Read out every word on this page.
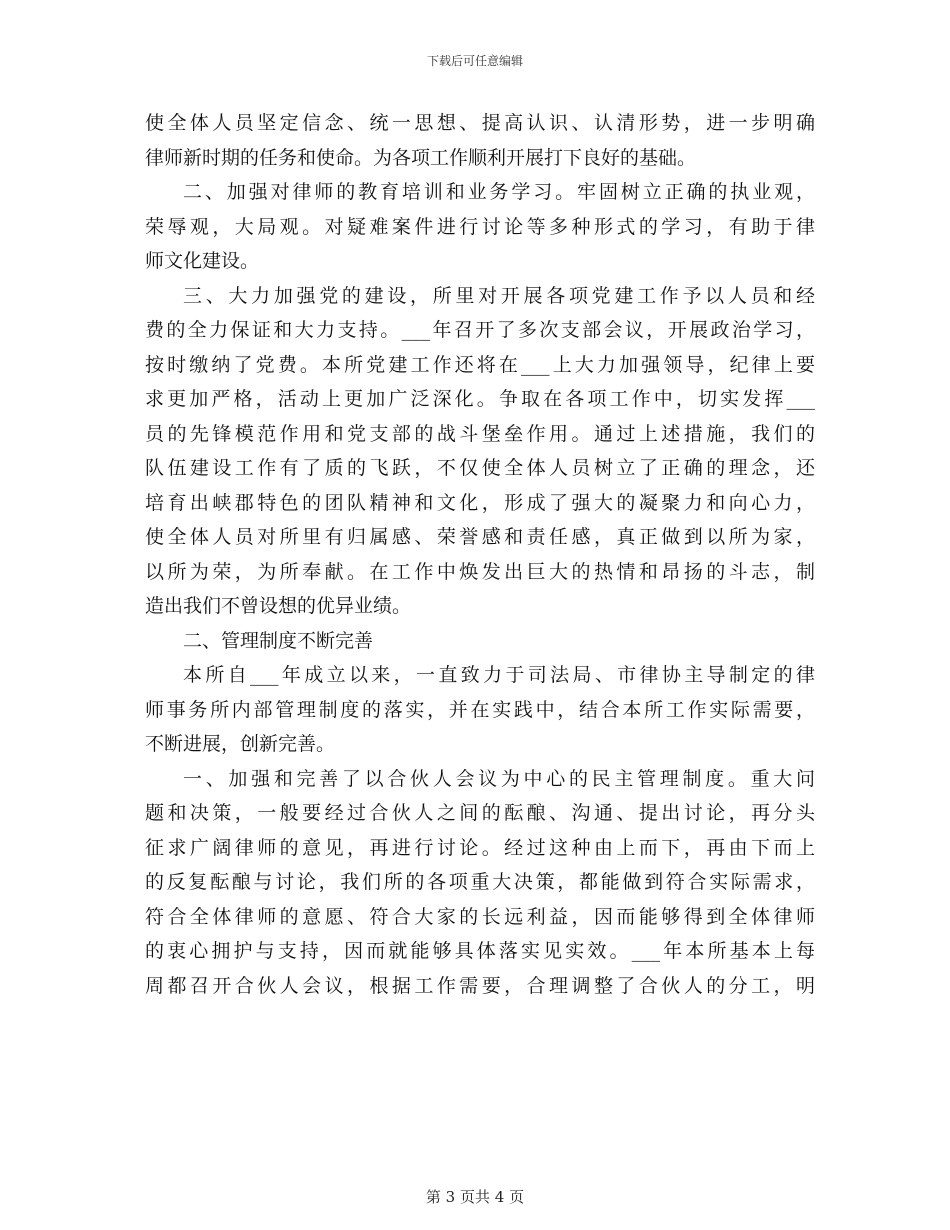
下载后可任意编辑
使全体人员坚定信念、统一思想、提高认识、认清形势，进一步明确
律师新时期的任务和使命。为各项工作顺利开展打下良好的基础。
二、加强对律师的教育培训和业务学习。牢固树立正确的执业观，
荣辱观，大局观。对疑难案件进行讨论等多种形式的学习，有助于律
师文化建设。
三、大力加强党的建设，所里对开展各项党建工作予以人员和经
费的全力保证和大力支持。___年召开了多次支部会议，开展政治学习，
按时缴纳了党费。本所党建工作还将在___上大力加强领导，纪律上要
求更加严格，活动上更加广泛深化。争取在各项工作中，切实发挥___
员的先锋模范作用和党支部的战斗堡垒作用。通过上述措施，我们的
队伍建设工作有了质的飞跃，不仅使全体人员树立了正确的理念，还
培育出峡郡特色的团队精神和文化，形成了强大的凝聚力和向心力，
使全体人员对所里有归属感、荣誉感和责任感，真正做到以所为家，
以所为荣，为所奉献。在工作中焕发出巨大的热情和昂扬的斗志，制
造出我们不曾设想的优异业绩。
二、管理制度不断完善
本所自___年成立以来，一直致力于司法局、市律协主导制定的律
师事务所内部管理制度的落实，并在实践中，结合本所工作实际需要，
不断进展，创新完善。
一、加强和完善了以合伙人会议为中心的民主管理制度。重大问
题和决策，一般要经过合伙人之间的酝酿、沟通、提出讨论，再分头
征求广阔律师的意见，再进行讨论。经过这种由上而下，再由下而上
的反复酝酿与讨论，我们所的各项重大决策，都能做到符合实际需求，
符合全体律师的意愿、符合大家的长远利益，因而能够得到全体律师
的衷心拥护与支持，因而就能够具体落实见实效。___年本所基本上每
周都召开合伙人会议，根据工作需要，合理调整了合伙人的分工，明
第 3 页共 4 页
